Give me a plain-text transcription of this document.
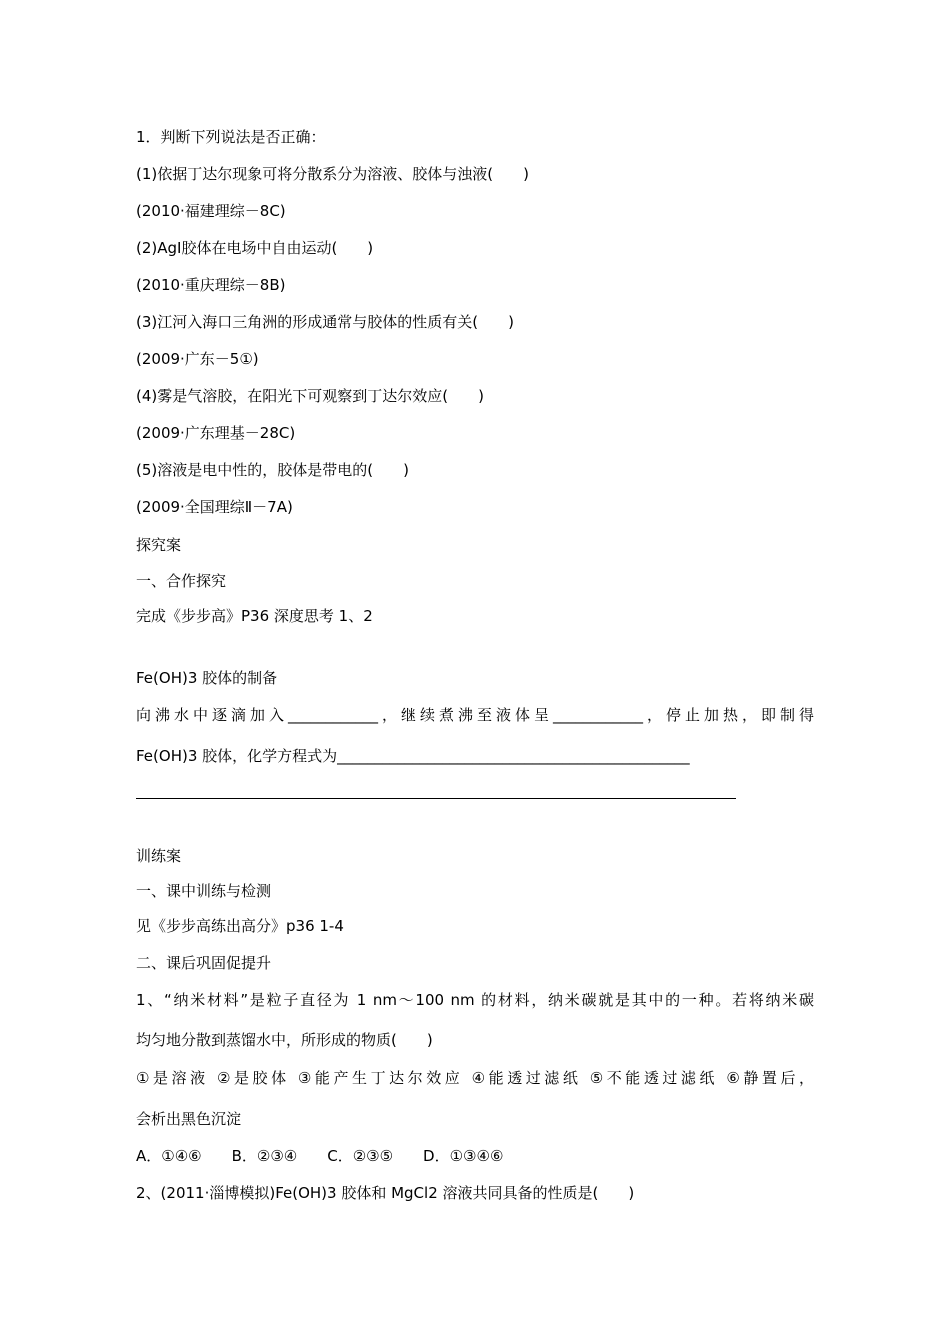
1．判断下列说法是否正确：
(1)依据丁达尔现象可将分散系分为溶液、胶体与浊液(　　)
(2010·福建理综－8C)
(2)AgI胶体在电场中自由运动(　　)
(2010·重庆理综－8B)
(3)江河入海口三角洲的形成通常与胶体的性质有关(　　)
(2009·广东－5①)
(4)雾是气溶胶，在阳光下可观察到丁达尔效应(　　)
(2009·广东理基－28C)
(5)溶液是电中性的，胶体是带电的(　　)
(2009·全国理综Ⅱ－7A)
探究案
一、合作探究
完成《步步高》P36 深度思考 1、2
Fe(OH)3 胶体的制备
向沸水中逐滴加入____________，继续煮沸至液体呈____________，停止加热，即制得
Fe(OH)3 胶体，化学方程式为_______________________________________________
训练案
一、课中训练与检测
见《步步高练出高分》p36 1-4
二、课后巩固促提升
1、“纳米材料”是粒子直径为 1 nm～100 nm 的材料，纳米碳就是其中的一种。若将纳米碳
均匀地分散到蒸馏水中，所形成的物质(　　)
①是溶液 ②是胶体 ③能产生丁达尔效应 ④能透过滤纸 ⑤不能透过滤纸 ⑥静置后，
会析出黑色沉淀
A．①④⑥　　B．②③④　　C．②③⑤　　D．①③④⑥
2、(2011·淄博模拟)Fe(OH)3 胶体和 MgCl2 溶液共同具备的性质是(　　)
